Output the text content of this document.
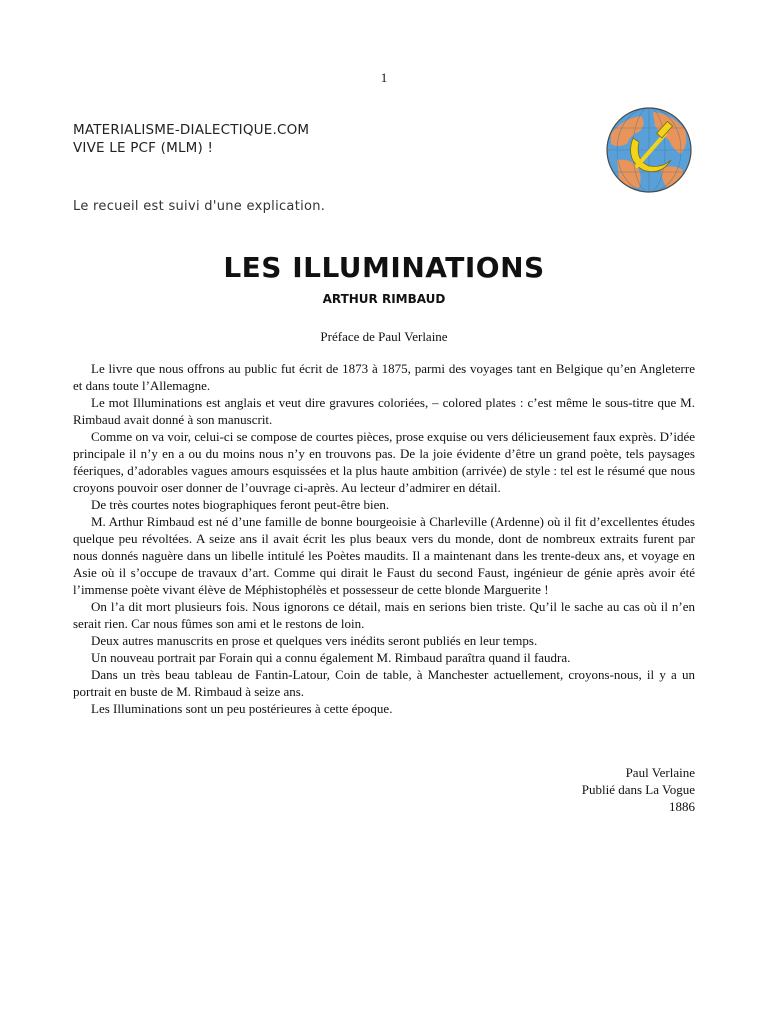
1
MATERIALISME-DIALECTIQUE.COM
VIVE LE PCF (MLM) !
Le recueil est suivi d'une explication.
LES ILLUMINATIONS
ARTHUR RIMBAUD
Préface de Paul Verlaine

Le livre que nous offrons au public fut écrit de 1873 à 1875, parmi des voyages tant en Belgique qu’en Angleterre et dans toute l’Allemagne.

Le mot Illuminations est anglais et veut dire gravures coloriées, – colored plates : c’est même le sous-titre que M. Rimbaud avait donné à son manuscrit.

Comme on va voir, celui-ci se compose de courtes pièces, prose exquise ou vers délicieusement faux exprès. D’idée principale il n’y en a ou du moins nous n’y en trouvons pas. De la joie évidente d’être un grand poète, tels paysages féeriques, d’adorables vagues amours esquissées et la plus haute ambition (arrivée) de style : tel est le résumé que nous croyons pouvoir oser donner de l’ouvrage ci-après. Au lecteur d’admirer en détail.

De très courtes notes biographiques feront peut-être bien.

M. Arthur Rimbaud est né d’une famille de bonne bourgeoisie à Charleville (Ardenne) où il fit d’excellentes études quelque peu révoltées. A seize ans il avait écrit les plus beaux vers du monde, dont de nombreux extraits furent par nous donnés naguère dans un libelle intitulé les Poètes maudits. Il a maintenant dans les trente-deux ans, et voyage en Asie où il s’occupe de travaux d’art. Comme qui dirait le Faust du second Faust, ingénieur de génie après avoir été l’immense poète vivant élève de Méphistophélès et possesseur de cette blonde Marguerite !

On l’a dit mort plusieurs fois. Nous ignorons ce détail, mais en serions bien triste. Qu’il le sache au cas où il n’en serait rien. Car nous fûmes son ami et le restons de loin.

Deux autres manuscrits en prose et quelques vers inédits seront publiés en leur temps.

Un nouveau portrait par Forain qui a connu également M. Rimbaud paraîtra quand il faudra.

Dans un très beau tableau de Fantin-Latour, Coin de table, à Manchester actuellement, croyons-nous, il y a un portrait en buste de M. Rimbaud à seize ans.

Les Illuminations sont un peu postérieures à cette époque.

Paul Verlaine
Publié dans La Vogue
1886
